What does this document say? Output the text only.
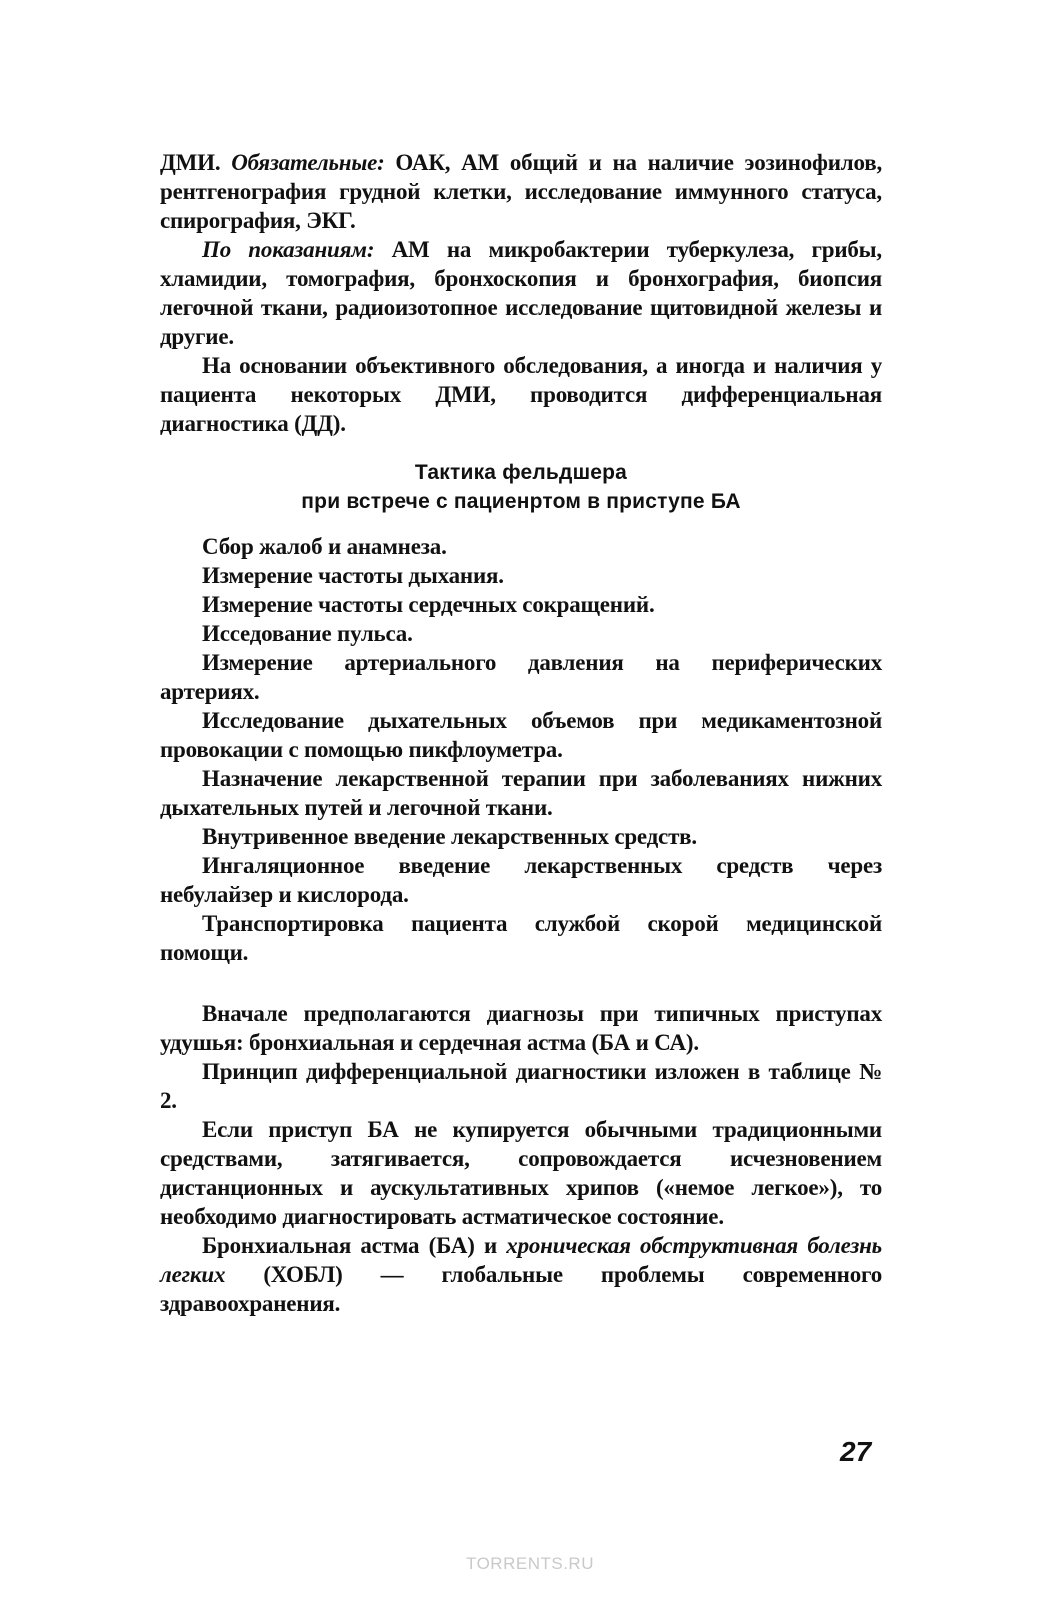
ДМИ. Обязательные: ОАК, АМ общий и на наличие эозинофилов, рентгенография грудной клетки, исследование иммунного статуса, спирография, ЭКГ.

По показаниям: АМ на микробактерии туберкулеза, грибы, хламидии, томография, бронхоскопия и бронхография, биопсия легочной ткани, радиоизотопное исследование щитовидной железы и другие.

На основании объективного обследования, а иногда и наличия у пациента некоторых ДМИ, проводится дифференциальная диагностика (ДД).

Тактика фельдшера
при встрече с пациенртом в приступе БА

Сбор жалоб и анамнеза.

Измерение частоты дыхания.

Измерение частоты сердечных сокращений.

Исседование пульса.

Измерение артериального давления на периферических артериях.

Исследование дыхательных объемов при медикаментозной провокации с помощью пикфлоуметра.

Назначение лекарственной терапии при заболеваниях нижних дыхательных путей и легочной ткани.

Внутривенное введение лекарственных средств.

Ингаляционное введение лекарственных средств через небулайзер и кислорода.

Транспортировка пациента службой скорой медицинской помощи.

Вначале предполагаются диагнозы при типичных приступах удушья: бронхиальная и сердечная астма (БА и СА).

Принцип дифференциальной диагностики изложен в таблице № 2.

Если приступ БА не купируется обычными традиционными средствами, затягивается, сопровождается исчезновением дистанционных и аускультативных хрипов («немое легкое»), то необходимо диагностировать астматическое состояние.

Бронхиальная астма (БА) и хроническая обструктивная болезнь легких (ХОБЛ) — глобальные проблемы современного здравоохранения.

27
TORRENTS.RU
